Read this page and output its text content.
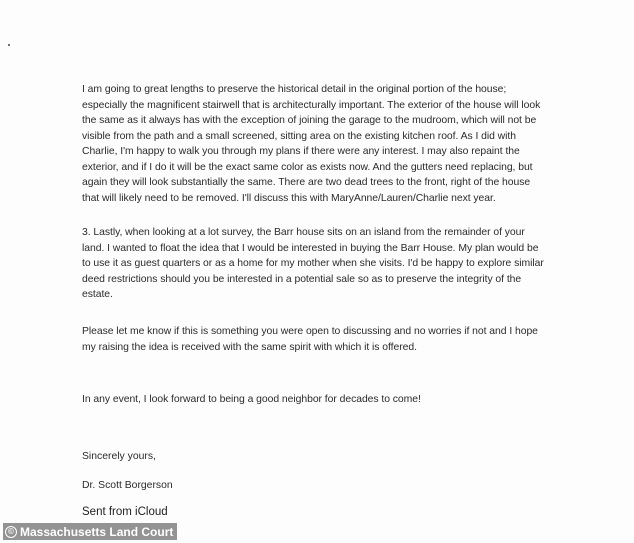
I am going to great lengths to preserve the historical detail in the original portion of the house; especially the magnificent stairwell that is architecturally important. The exterior of the house will look the same as it always has with the exception of joining the garage to the mudroom, which will not be visible from the path and a small screened, sitting area on the existing kitchen roof. As I did with Charlie, I'm happy to walk you through my plans if there were any interest. I may also repaint the exterior, and if I do it will be the exact same color as exists now. And the gutters need replacing, but again they will look substantially the same. There are two dead trees to the front, right of the house that will likely need to be removed. I'll discuss this with MaryAnne/Lauren/Charlie next year.

3. Lastly, when looking at a lot survey, the Barr house sits on an island from the remainder of your land. I wanted to float the idea that I would be interested in buying the Barr House. My plan would be to use it as guest quarters or as a home for my mother when she visits. I'd be happy to explore similar deed restrictions should you be interested in a potential sale so as to preserve the integrity of the estate.

Please let me know if this is something you were open to discussing and no worries if not and I hope my raising the idea is received with the same spirit with which it is offered.

In any event, I look forward to being a good neighbor for decades to come!

Sincerely yours,

Dr. Scott Borgerson

Sent from iCloud

© Massachusetts Land Court
